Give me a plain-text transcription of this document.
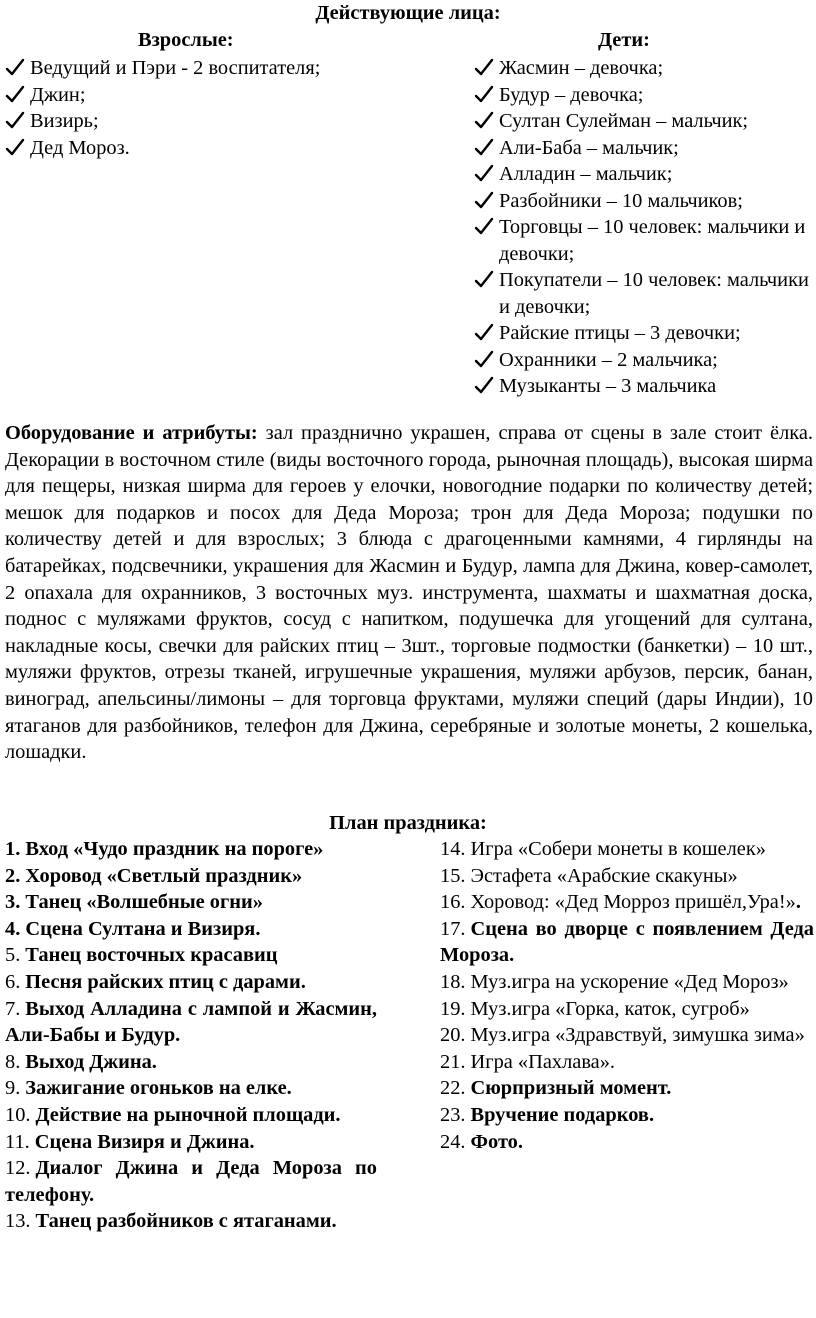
Действующие лица:
Взрослые:	Дети:
Ведущий и Пэри - 2 воспитателя;
Джин;
Визирь;
Дед Мороз.
Жасмин – девочка;
Будур – девочка;
Султан Сулейман – мальчик;
Али-Баба – мальчик;
Алладин – мальчик;
Разбойники – 10 мальчиков;
Торговцы – 10 человек: мальчики и девочки;
Покупатели – 10 человек: мальчики и девочки;
Райские птицы – 3 девочки;
Охранники – 2 мальчика;
Музыканты – 3 мальчика

Оборудование и атрибуты: зал празднично украшен, справа от сцены в зале стоит ёлка. Декорации в восточном стиле (виды восточного города, рыночная площадь), высокая ширма для пещеры, низкая ширма для героев у елочки, новогодние подарки по количеству детей; мешок для подарков и посох для Деда Мороза; трон для Деда Мороза; подушки по количеству детей и для взрослых; 3 блюда с драгоценными камнями, 4 гирлянды на батарейках, подсвечники, украшения для Жасмин и Будур, лампа для Джина, ковер-самолет, 2 опахала для охранников, 3 восточных муз. инструмента, шахматы и шахматная доска, поднос с муляжами фруктов, сосуд с напитком, подушечка для угощений для султана, накладные косы, свечки для райских птиц – 3шт., торговые подмостки (банкетки) – 10 шт., муляжи фруктов, отрезы тканей, игрушечные украшения, муляжи арбузов, персик, банан, виноград, апельсины/лимоны – для торговца фруктами, муляжи специй (дары Индии), 10 ятаганов для разбойников, телефон для Джина, серебряные и золотые монеты, 2 кошелька, лошадки.

План праздника:
1. Вход «Чудо праздник на пороге»
2. Хоровод «Светлый праздник»
3. Танец «Волшебные огни»
4. Сцена Султана и Визиря.
5. Танец восточных красавиц
6. Песня райских птиц с дарами.
7. Выход Алладина с лампой и Жасмин, Али-Бабы и Будур.
8. Выход Джина.
9. Зажигание огоньков на елке.
10. Действие на рыночной площади.
11. Сцена Визиря и Джина.
12. Диалог Джина и Деда Мороза по телефону.
13. Танец разбойников с ятаганами.
14. Игра «Собери монеты в кошелек»
15. Эстафета «Арабские скакуны»
16. Хоровод: «Дед Морроз пришёл,Ура!».
17. Сцена во дворце с появлением Деда Мороза.
18. Муз.игра на ускорение «Дед Мороз»
19. Муз.игра «Горка, каток, сугроб»
20. Муз.игра «Здравствуй, зимушка зима»
21. Игра «Пахлава».
22. Сюрпризный момент.
23. Вручение подарков.
24. Фото.
